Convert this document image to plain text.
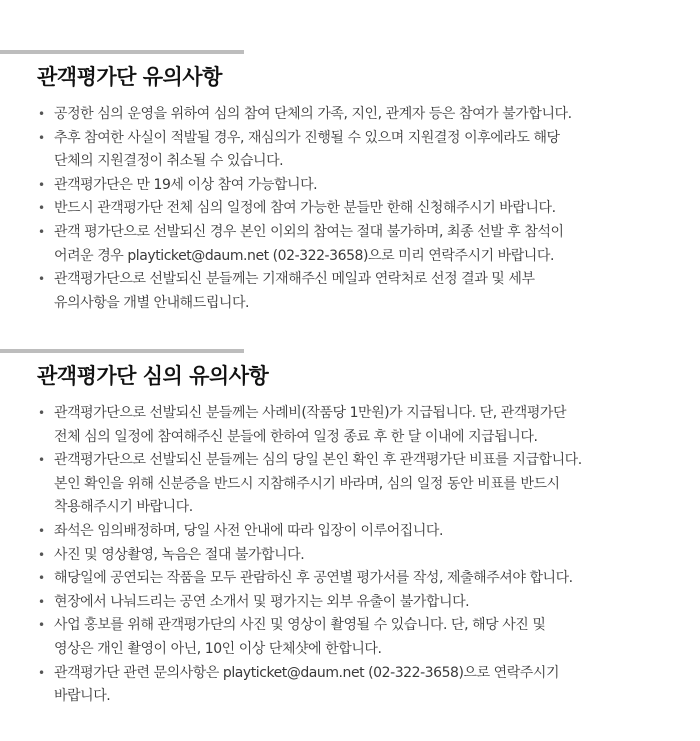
관객평가단 유의사항
• 공정한 심의 운영을 위하여 심의 참여 단체의 가족, 지인, 관계자 등은 참여가 불가합니다.
• 추후 참여한 사실이 적발될 경우, 재심의가 진행될 수 있으며 지원결정 이후에라도 해당
단체의 지원결정이 취소될 수 있습니다.
• 관객평가단은 만 19세 이상 참여 가능합니다.
• 반드시 관객평가단 전체 심의 일정에 참여 가능한 분들만 한해 신청해주시기 바랍니다.
• 관객 평가단으로 선발되신 경우 본인 이외의 참여는 절대 불가하며, 최종 선발 후 참석이
어려운 경우 playticket@daum.net (02-322-3658)으로 미리 연락주시기 바랍니다.
• 관객평가단으로 선발되신 분들께는 기재해주신 메일과 연락처로 선정 결과 및 세부
유의사항을 개별 안내해드립니다.
관객평가단 심의 유의사항
• 관객평가단으로 선발되신 분들께는 사례비(작품당 1만원)가 지급됩니다. 단, 관객평가단
전체 심의 일정에 참여해주신 분들에 한하여 일정 종료 후 한 달 이내에 지급됩니다.
• 관객평가단으로 선발되신 분들께는 심의 당일 본인 확인 후 관객평가단 비표를 지급합니다.
본인 확인을 위해 신분증을 반드시 지참해주시기 바라며, 심의 일정 동안 비표를 반드시
착용해주시기 바랍니다.
• 좌석은 임의배정하며, 당일 사전 안내에 따라 입장이 이루어집니다.
• 사진 및 영상촬영, 녹음은 절대 불가합니다.
• 해당일에 공연되는 작품을 모두 관람하신 후 공연별 평가서를 작성, 제출해주셔야 합니다.
• 현장에서 나눠드리는 공연 소개서 및 평가지는 외부 유출이 불가합니다.
• 사업 홍보를 위해 관객평가단의 사진 및 영상이 촬영될 수 있습니다. 단, 해당 사진 및
영상은 개인 촬영이 아닌, 10인 이상 단체샷에 한합니다.
• 관객평가단 관련 문의사항은 playticket@daum.net (02-322-3658)으로 연락주시기
바랍니다.
